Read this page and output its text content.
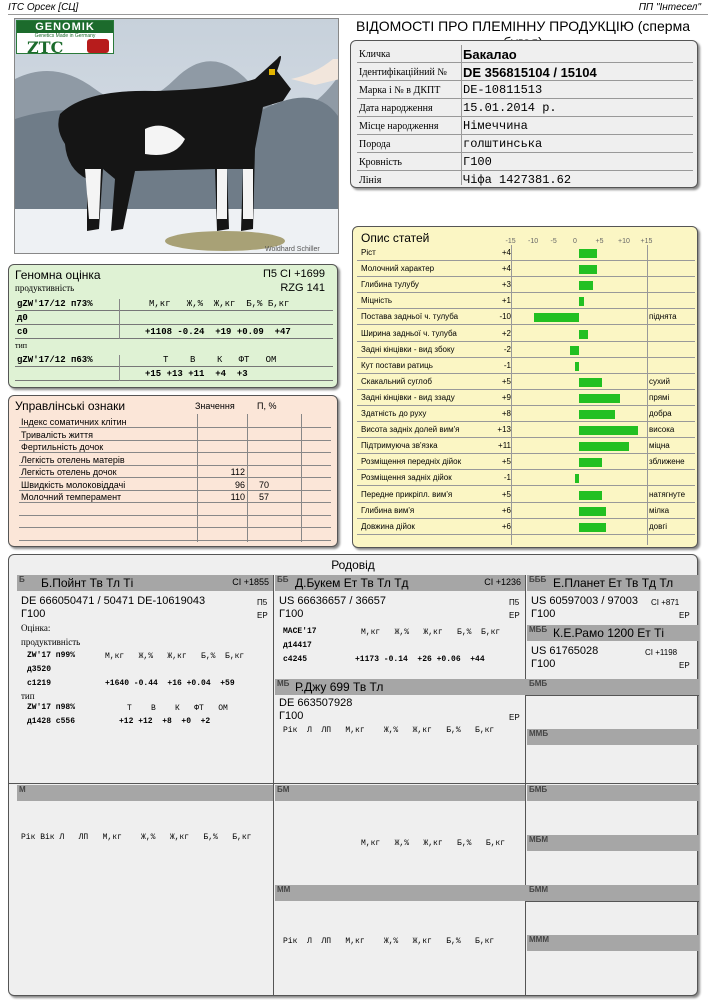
ІТС Орсек [СЦ]	ПП "Інтесел"
Woldhard Schiller
GENOMIK
Genetics Made in Germany
ZTC
ВІДОМОСТІ ПРО ПЛЕМІННУ ПРОДУКЦІЮ (сперма
Кличка	Бакалао
Ідентифікаційний №	DE 356815104 / 15104
Марка і № в ДКПТ	DE-10811513
Дата народження	15.01.2014 р.
Місце народження	Німеччина
Порода	голштинська
Кровність	Г100
Лінія	Чіфа 1427381.62
Геномна оцінка	П5 CI +1699
продуктивність	RZG 141
gZW'17/12 п73%	М,кг   Ж,%  Ж,кг  Б,% Б,кг
д0
с0	+1108 -0.24  +19 +0.09  +47
тип
gZW'17/12 п63%	Т    В    К   ФТ   ОМ
+15 +13 +11  +4  +3
Управлінські ознаки	Значення П, %
Індекс соматичних клітин
Тривалість життя
Фертильність дочок
Легкість отелень матерів
Легкість отелень дочок	112
Швидкість молоковіддачі	96 70
Молочний темперамент	110 57
Опис статей	-15 -10 -5 0	+5 +10 +15
Ріст	+4
Молочний характер	+4
Глибина тулубу	+3
Міцність	+1
Постава задньої ч. тулуба	-10	піднята
Ширина задньої ч. тулуба	+2
Задні кінцівки - вид збоку	-2
Кут постави ратиць	-1
Скакальний суглоб	+5	сухий
Задні кінцівки - вид ззаду	+9	прямі
Здатність до руху	+8	добра
Висота задніх долей вим'я	+13	висока
Підтримуюча зв'язка	+11	міцна
Розміщення передніх дійок	+5	зближене
Розміщення задніх дійок	-1
Передне прикріпл. вим'я	+5	натягнуте
Глибина вим'я	+6	мілка
Довжина дійок	+6	довгі
Родовід
Б Б.Пойнт Тв Тл Ті	CI +1855
DE 666050471 / 50471 DE-10619043	П5
Г100	ЕР
Оцінка:
продуктивність
ZW'17 п99%	М,кг   Ж,%   Ж,кг   Б,%  Б,кг
д3520
с1219	+1640 -0.44  +16 +0.04  +59
тип
ZW'17 п98%	Т    В    К   ФТ   ОМ
д1428 с556	+12 +12  +8  +0  +2
ББ Д.Букем Ет Тв Тл Тд	CI +1236
US 66636657 / 36657	П5
Г100	ЕР
MACE'17	М,кг   Ж,%   Ж,кг   Б,%  Б,кг
д14417
с4245	+1173 -0.14  +26 +0.06  +44
БББ Е.Планет Ет Тв Тд Тл
US 60597003 / 97003 CI +871
Г100	ЕР
МББ К.Е.Рамо 1200 Ет Ті
US 61765028	CI +1198
Г100	ЕР
МБ Р.Джу 699 Тв Тл
DE 663507928
Г100	ЕР
Рік  Л  ЛП   М,кг    Ж,%   Ж,кг   Б,%   Б,кг
БМБ
ММБ
М
Рік Вік Л   ЛП   М,кг    Ж,%   Ж,кг   Б,%   Б,кг
БМ
М,кг   Ж,%   Ж,кг   Б,%   Б,кг
БМБ
МБМ
ММ
Рік  Л  ЛП   М,кг    Ж,%   Ж,кг   Б,%   Б,кг
БММ
МММ
